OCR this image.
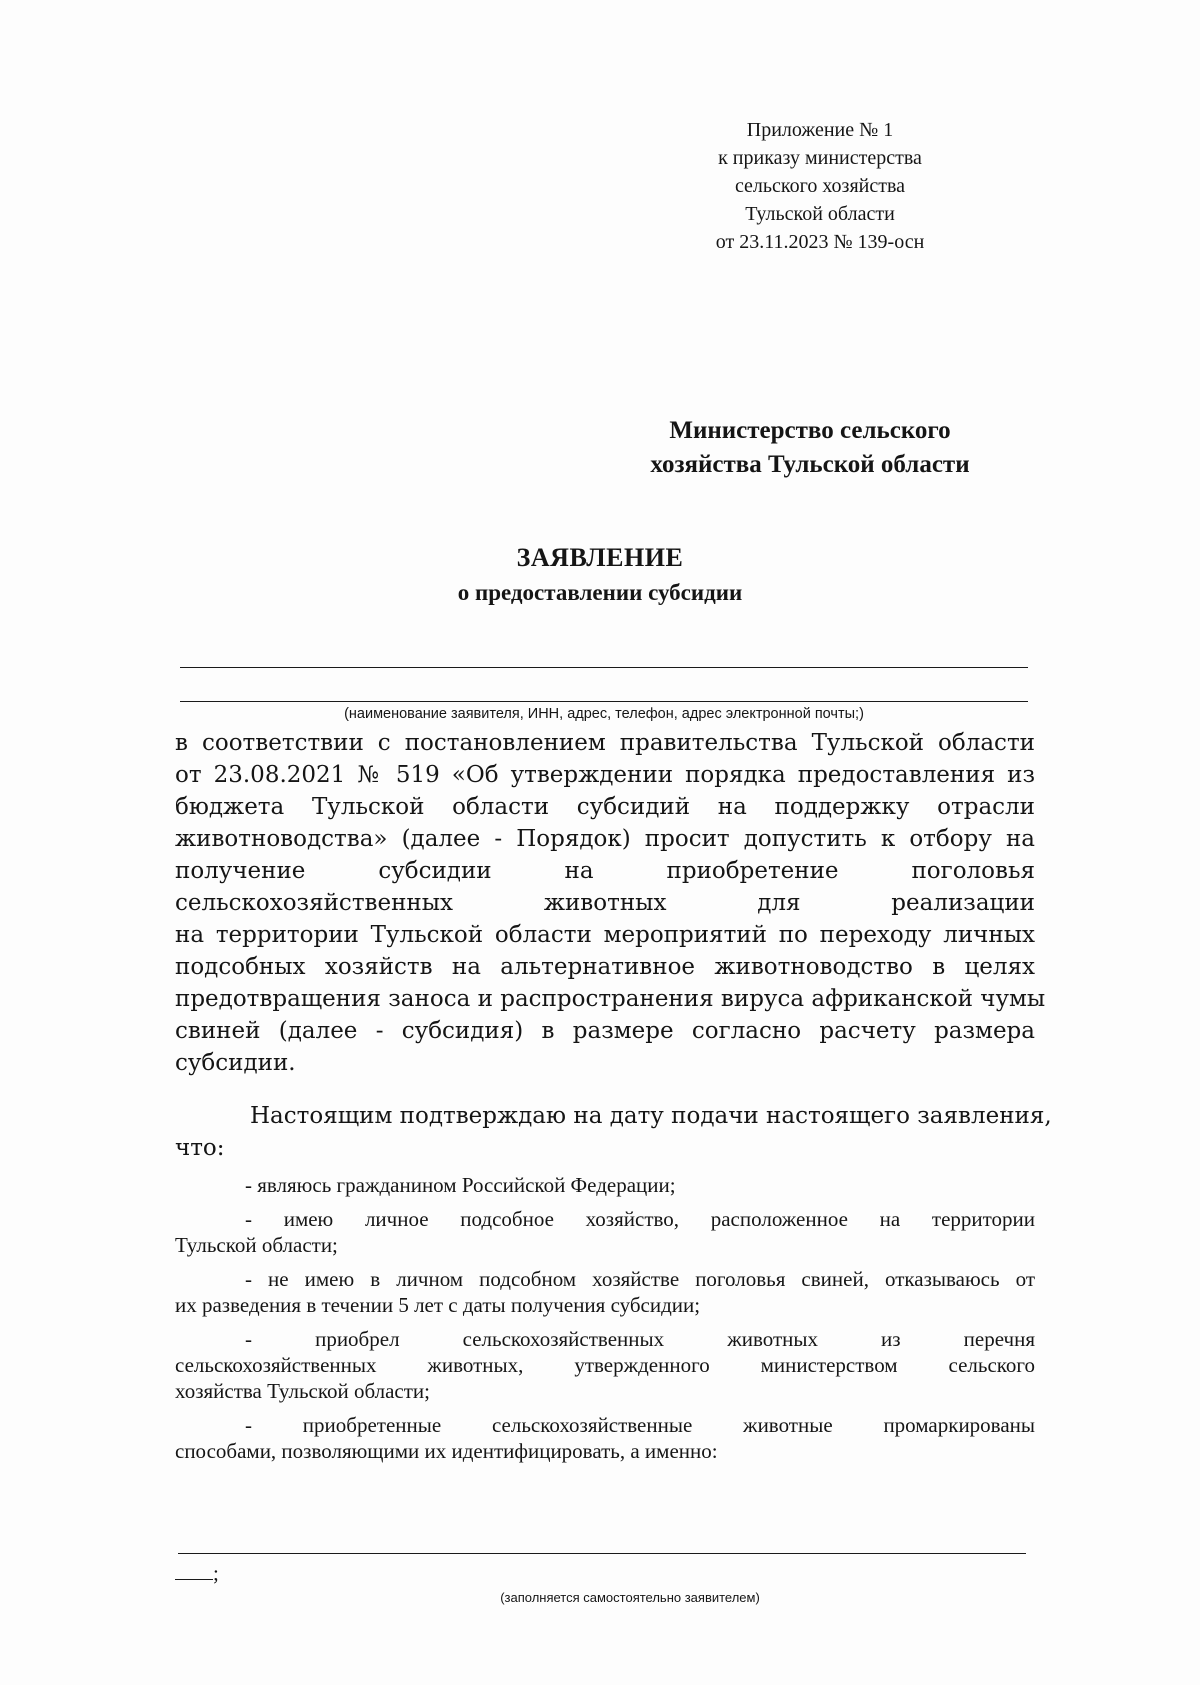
Приложение № 1
к приказу министерства
сельского хозяйства
Тульской области
от 23.11.2023 № 139-осн
Министерство сельского
хозяйства Тульской области
ЗАЯВЛЕНИЕ
о предоставлении субсидии
(наименование заявителя, ИНН, адрес, телефон, адрес электронной почты;)
в соответствии с постановлением правительства Тульской области
от 23.08.2021 № 519 «Об утверждении порядка предоставления из
бюджета Тульской области субсидий на поддержку отрасли
животноводства» (далее - Порядок) просит допустить к отбору на
получение субсидии на приобретение поголовья
сельскохозяйственных животных для реализации
на территории Тульской области мероприятий по переходу личных
подсобных хозяйств на альтернативное животноводство в целях
предотвращения заноса и распространения вируса африканской чумы
свиней (далее - субсидия) в размере согласно расчету размера
субсидии.
Настоящим подтверждаю на дату подачи настоящего заявления,
что:
- являюсь гражданином Российской Федерации;
- имею личное подсобное хозяйство, расположенное на территории
Тульской области;
- не имею в личном подсобном хозяйстве поголовья свиней, отказываюсь от
их разведения в течении 5 лет с даты получения субсидии;
- приобрел сельскохозяйственных животных из перечня
сельскохозяйственных животных, утвержденного министерством сельского
хозяйства Тульской области;
- приобретенные сельскохозяйственные животные промаркированы
способами, позволяющими их идентифицировать, а именно:
;
(заполняется самостоятельно заявителем)
